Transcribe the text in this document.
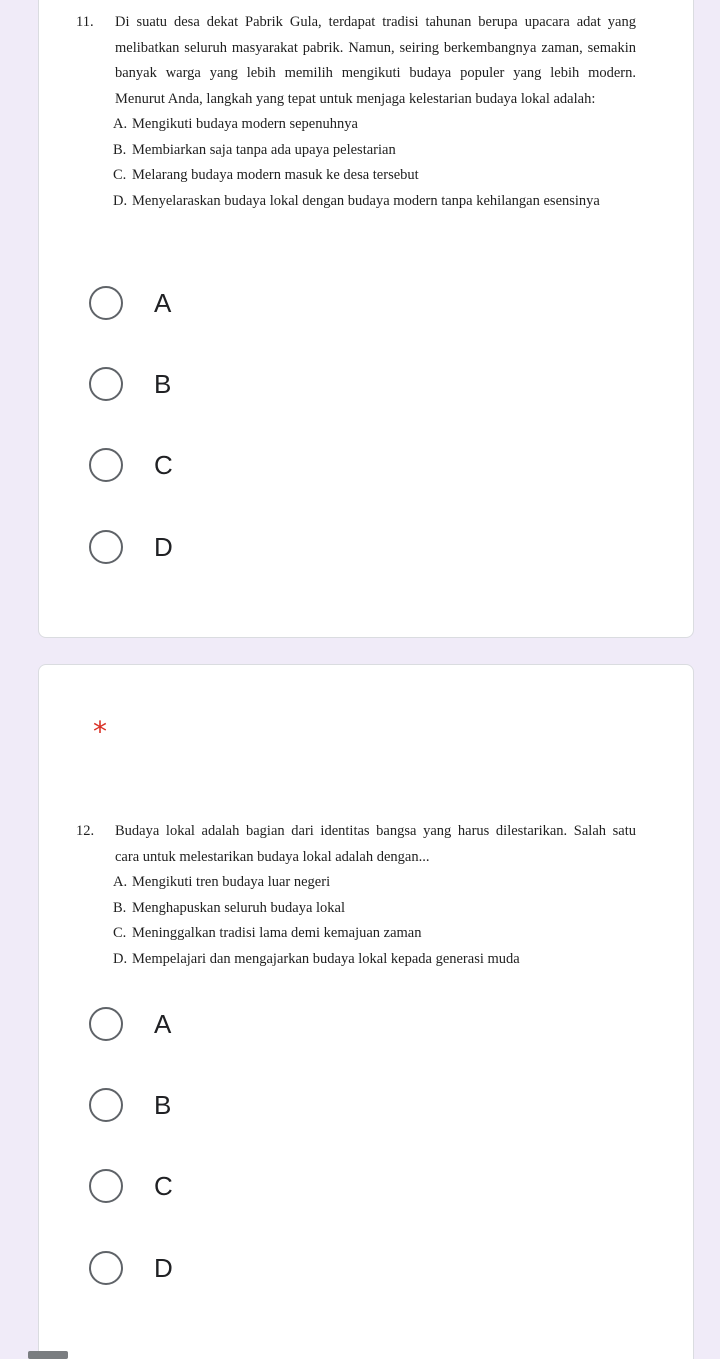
11.	Di suatu desa dekat Pabrik Gula, terdapat tradisi tahunan berupa upacara adat yang
melibatkan seluruh masyarakat pabrik. Namun, seiring berkembangnya zaman, semakin banyak warga yang lebih memilih mengikuti budaya populer yang lebih modern. Menurut Anda, langkah yang tepat untuk menjaga kelestarian budaya lokal adalah:
A. Mengikuti budaya modern sepenuhnya
B. Membiarkan saja tanpa ada upaya pelestarian
C. Melarang budaya modern masuk ke desa tersebut
D. Menyelaraskan budaya lokal dengan budaya modern tanpa kehilangan esensinya
A
B
C
D
*
12.	Budaya lokal adalah bagian dari identitas bangsa yang harus dilestarikan. Salah satu
cara untuk melestarikan budaya lokal adalah dengan...
A. Mengikuti tren budaya luar negeri
B. Menghapuskan seluruh budaya lokal
C. Meninggalkan tradisi lama demi kemajuan zaman
D. Mempelajari dan mengajarkan budaya lokal kepada generasi muda
A
B
C
D
